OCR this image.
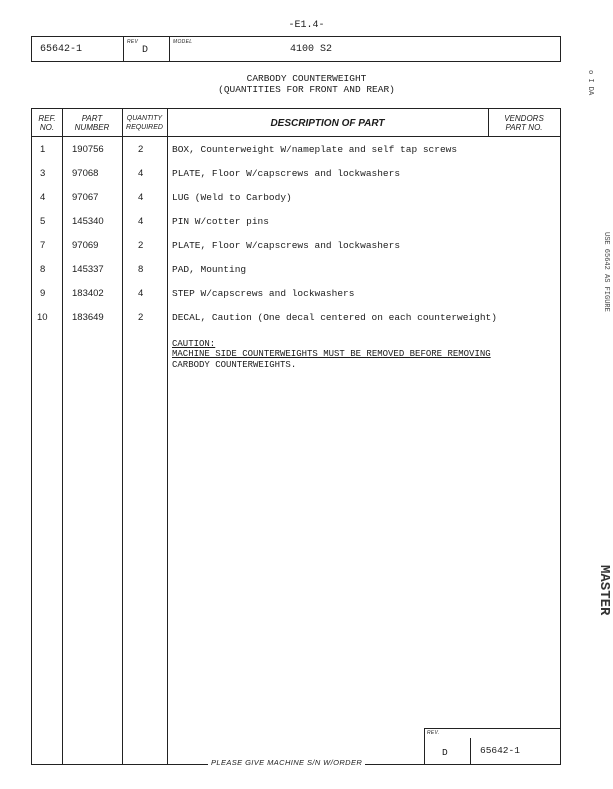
-E1.4-
65642-1
REV
D
MODEL
4100 S2
CARBODY COUNTERWEIGHT
(QUANTITIES FOR FRONT AND REAR)
REF.
NO.
PART
NUMBER
QUANTITY
REQUIRED	DESCRIPTION OF PART	VENDORS
PART NO.
1	190756	2	BOX, Counterweight W/nameplate and self tap screws
3	97068	4	PLATE, Floor W/capscrews and lockwashers
4	97067	4	LUG (Weld to Carbody)
5	145340	4	PIN W/cotter pins
7	97069	2	PLATE, Floor W/capscrews and lockwashers
8	145337	8	PAD, Mounting
9	183402	4	STEP W/capscrews and lockwashers
10	183649	2	DECAL, Caution (One decal centered on each counterweight)
CAUTION:
MACHINE SIDE COUNTERWEIGHTS MUST BE REMOVED BEFORE REMOVING
CARBODY COUNTERWEIGHTS.
REV.
D	65642-1
PLEASE GIVE MACHINE S/N W/ORDER
o I DA
USE 65642 AS FIGURE
MASTER
